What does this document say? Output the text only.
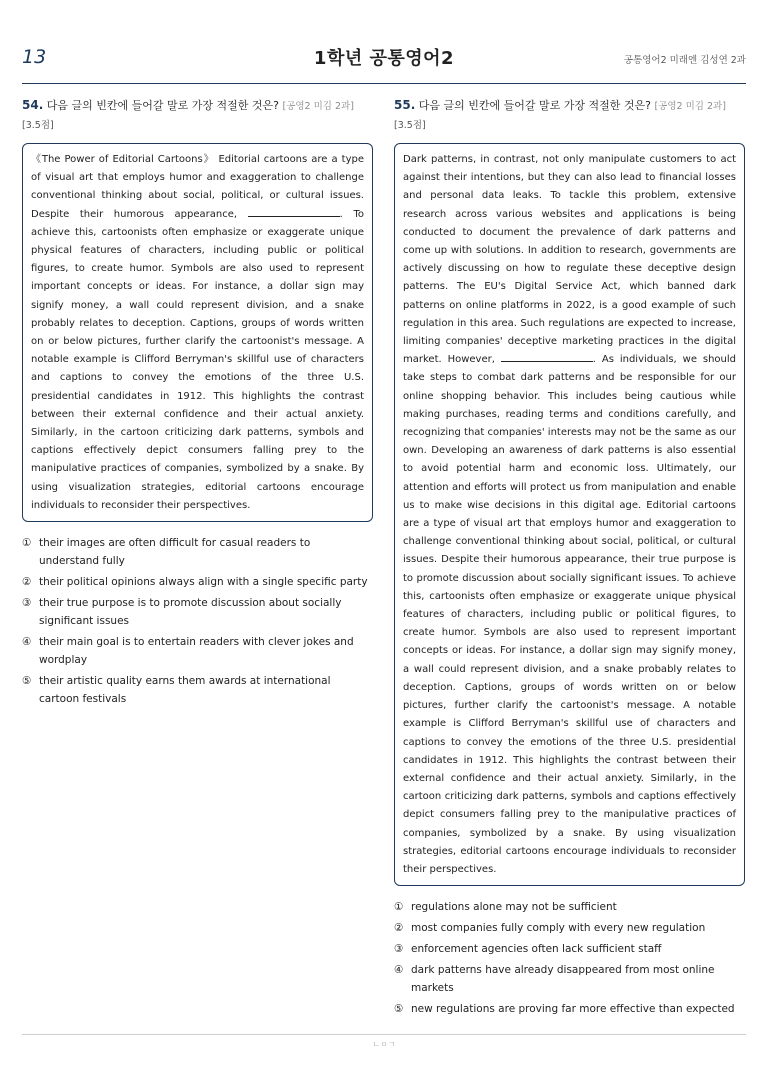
13	1학년 공통영어2	공통영어2 미래엔 김성연 2과
54. 다음 글의 빈칸에 들어갈 말로 가장 적절한 것은? [공영2 미김 2과] [3.5점]
《The Power of Editorial Cartoons》 Editorial cartoons are a type of visual art that employs humor and exaggeration to challenge conventional thinking about social, political, or cultural issues. Despite their humorous appearance,	. To achieve this, cartoonists often emphasize or exaggerate unique physical features of characters, including public or political figures, to create humor. Symbols are also used to represent important concepts or ideas. For instance, a dollar sign may signify money, a wall could represent division, and a snake probably relates to deception. Captions, groups of words written on or below pictures, further clarify the cartoonist's message. A notable example is Clifford Berryman's skillful use of characters and captions to convey the emotions of the three U.S. presidential candidates in 1912. This highlights the contrast between their external confidence and their actual anxiety. Similarly, in the cartoon criticizing dark patterns, symbols and captions effectively depict consumers falling prey to the manipulative practices of companies, symbolized by a snake. By using visualization strategies, editorial cartoons encourage individuals to reconsider their perspectives.
① their images are often difficult for casual readers to understand fully
② their political opinions always align with a single specific party
③ their true purpose is to promote discussion about socially significant issues
④ their main goal is to entertain readers with clever jokes and wordplay
⑤ their artistic quality earns them awards at international cartoon festivals
55. 다음 글의 빈칸에 들어갈 말로 가장 적절한 것은? [공영2 미김 2과] [3.5점]
Dark patterns, in contrast, not only manipulate customers to act against their intentions, but they can also lead to financial losses and personal data leaks. To tackle this problem, extensive research across various websites and applications is being conducted to document the prevalence of dark patterns and come up with solutions. In addition to research, governments are actively discussing on how to regulate these deceptive design patterns. The EU's Digital Service Act, which banned dark patterns on online platforms in 2022, is a good example of such regulation in this area. Such regulations are expected to increase, limiting companies' deceptive marketing practices in the digital market. However,	. As individuals, we should take steps to combat dark patterns and be responsible for our online shopping behavior. This includes being cautious while making purchases, reading terms and conditions carefully, and recognizing that companies' interests may not be the same as our own. Developing an awareness of dark patterns is also essential to avoid potential harm and economic loss. Ultimately, our attention and efforts will protect us from manipulation and enable us to make wise decisions in this digital age. Editorial cartoons are a type of visual art that employs humor and exaggeration to challenge conventional thinking about social, political, or cultural issues. Despite their humorous appearance, their true purpose is to promote discussion about socially significant issues. To achieve this, cartoonists often emphasize or exaggerate unique physical features of characters, including public or political figures, to create humor. Symbols are also used to represent important concepts or ideas. For instance, a dollar sign may signify money, a wall could represent division, and a snake probably relates to deception. Captions, groups of words written on or below pictures, further clarify the cartoonist's message. A notable example is Clifford Berryman's skillful use of characters and captions to convey the emotions of the three U.S. presidential candidates in 1912. This highlights the contrast between their external confidence and their actual anxiety. Similarly, in the cartoon criticizing dark patterns, symbols and captions effectively depict consumers falling prey to the manipulative practices of companies, symbolized by a snake. By using visualization strategies, editorial cartoons encourage individuals to reconsider their perspectives.
① regulations alone may not be sufficient
② most companies fully comply with every new regulation
③ enforcement agencies often lack sufficient staff
④ dark patterns have already disappeared from most online markets
⑤ new regulations are proving far more effective than expected
ㄴㅇㄱ
